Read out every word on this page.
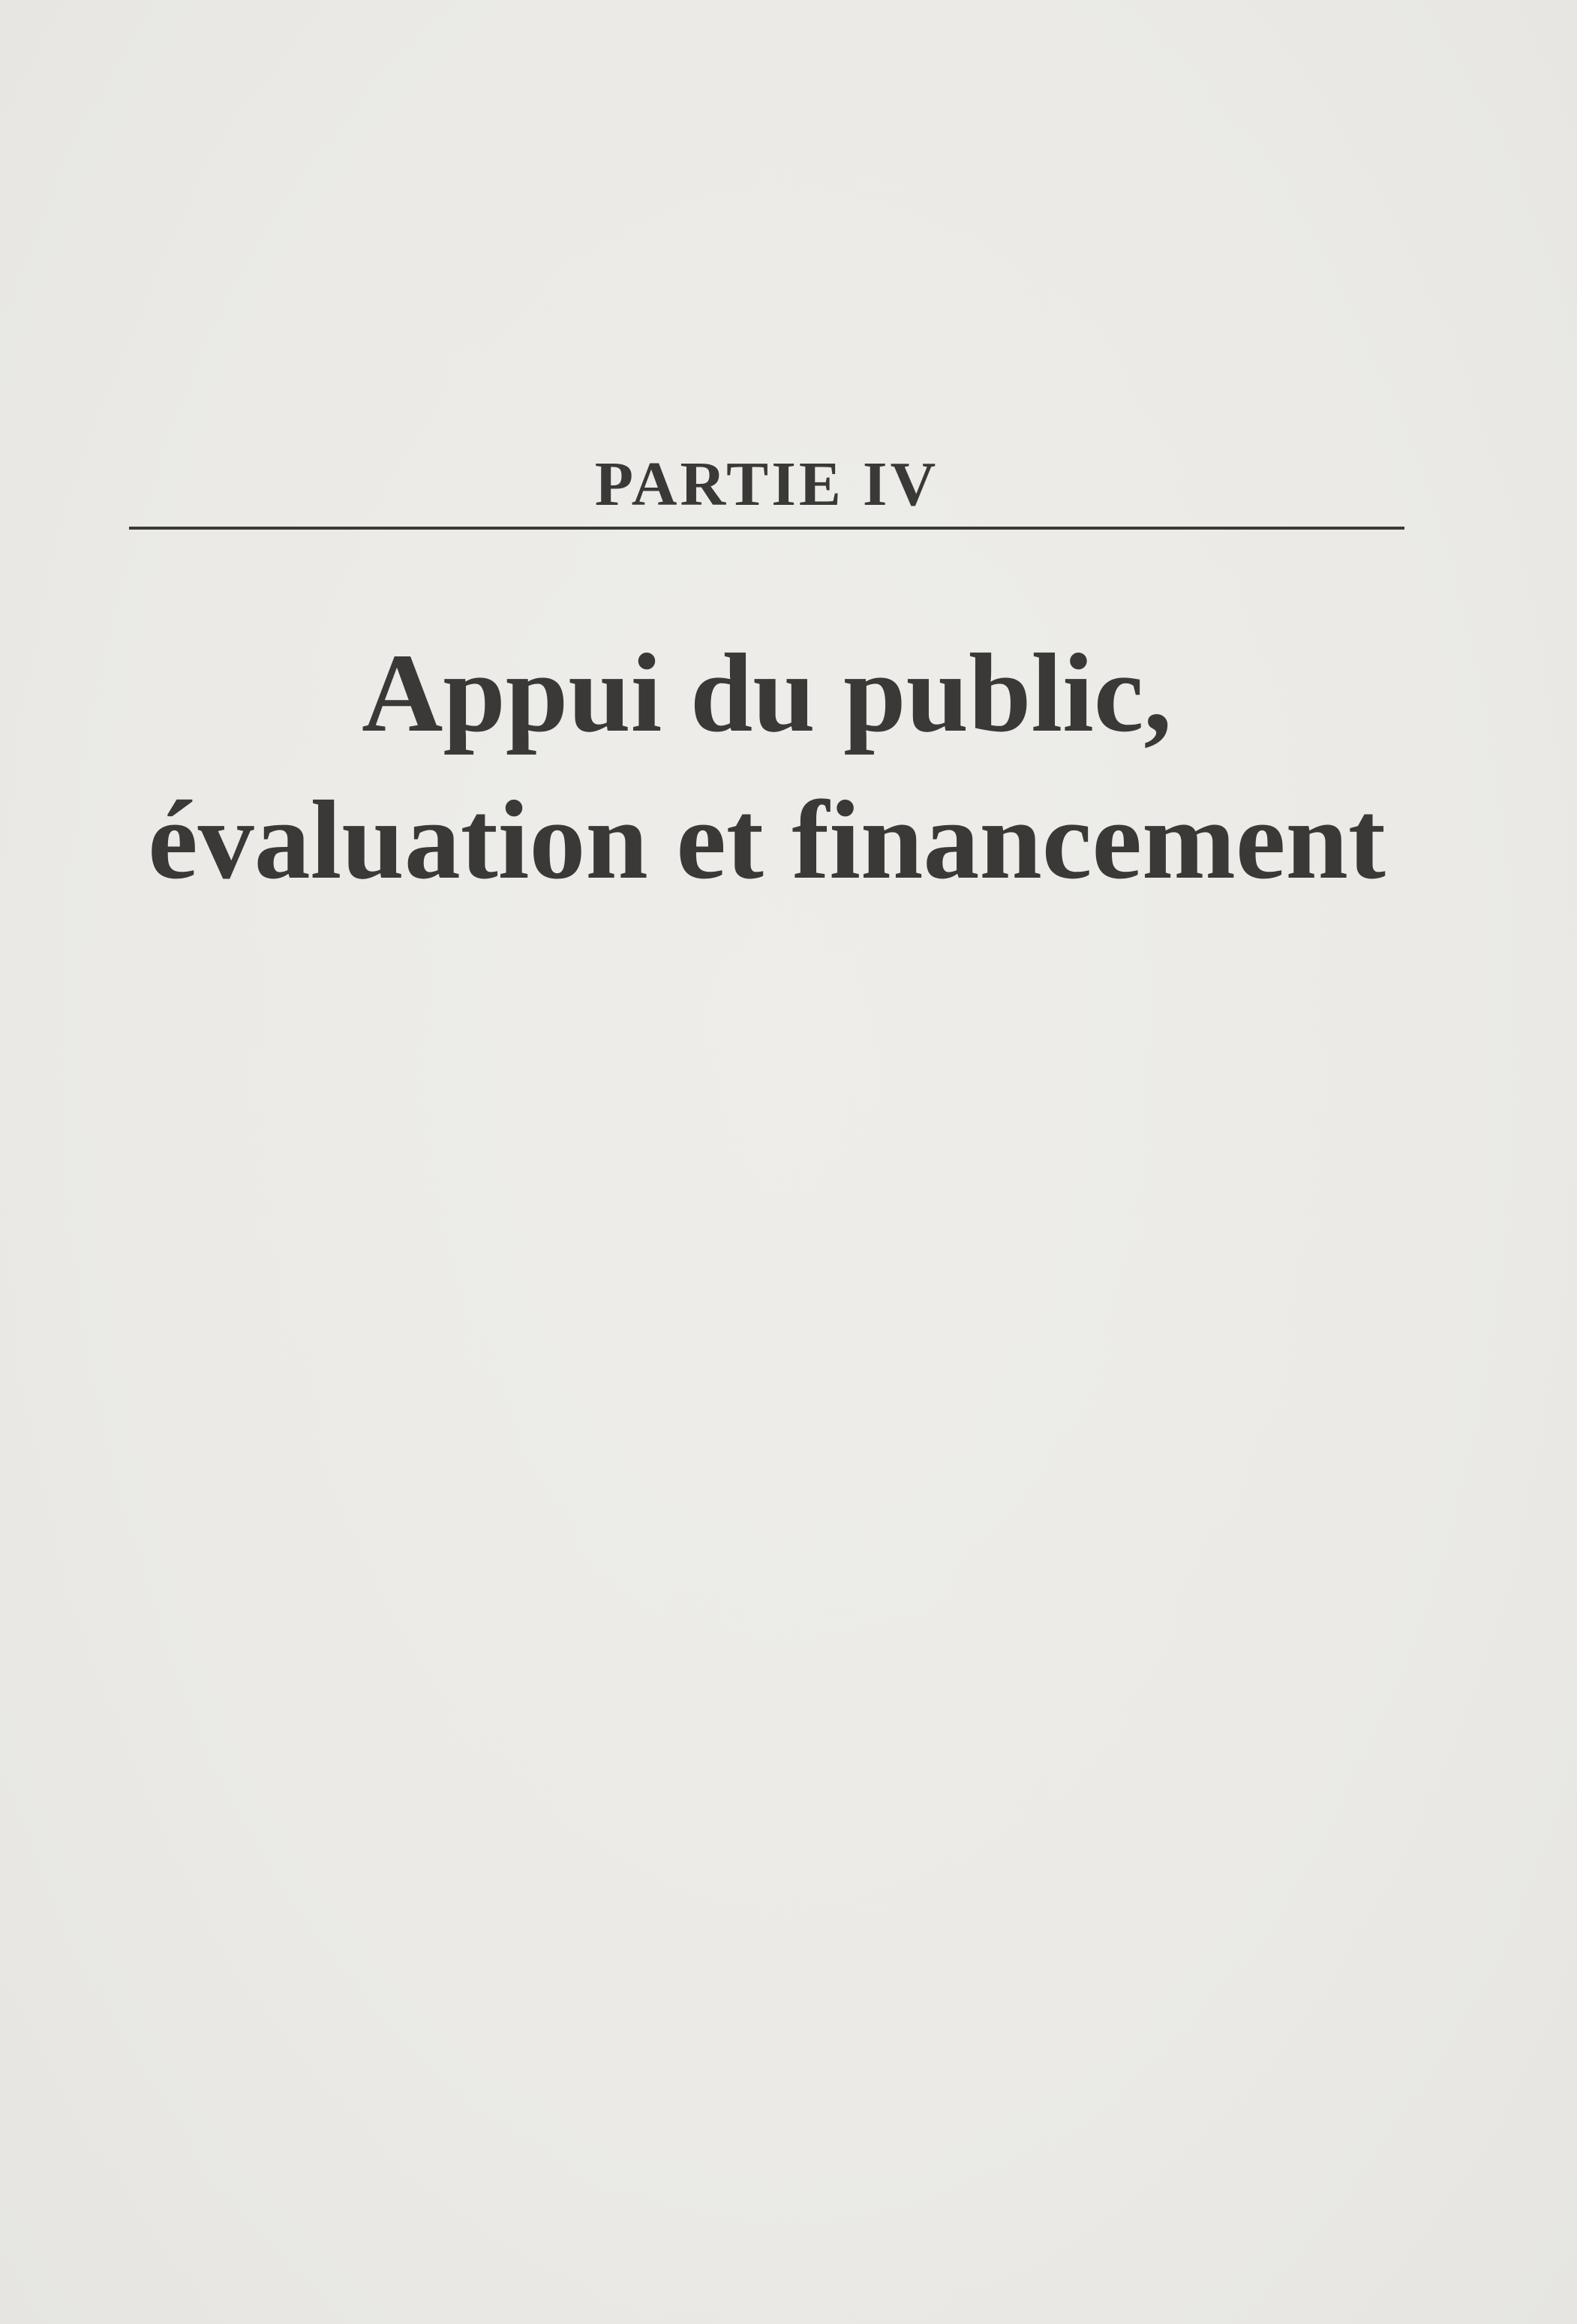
PARTIE IV
Appui du public,
évaluation et financement
